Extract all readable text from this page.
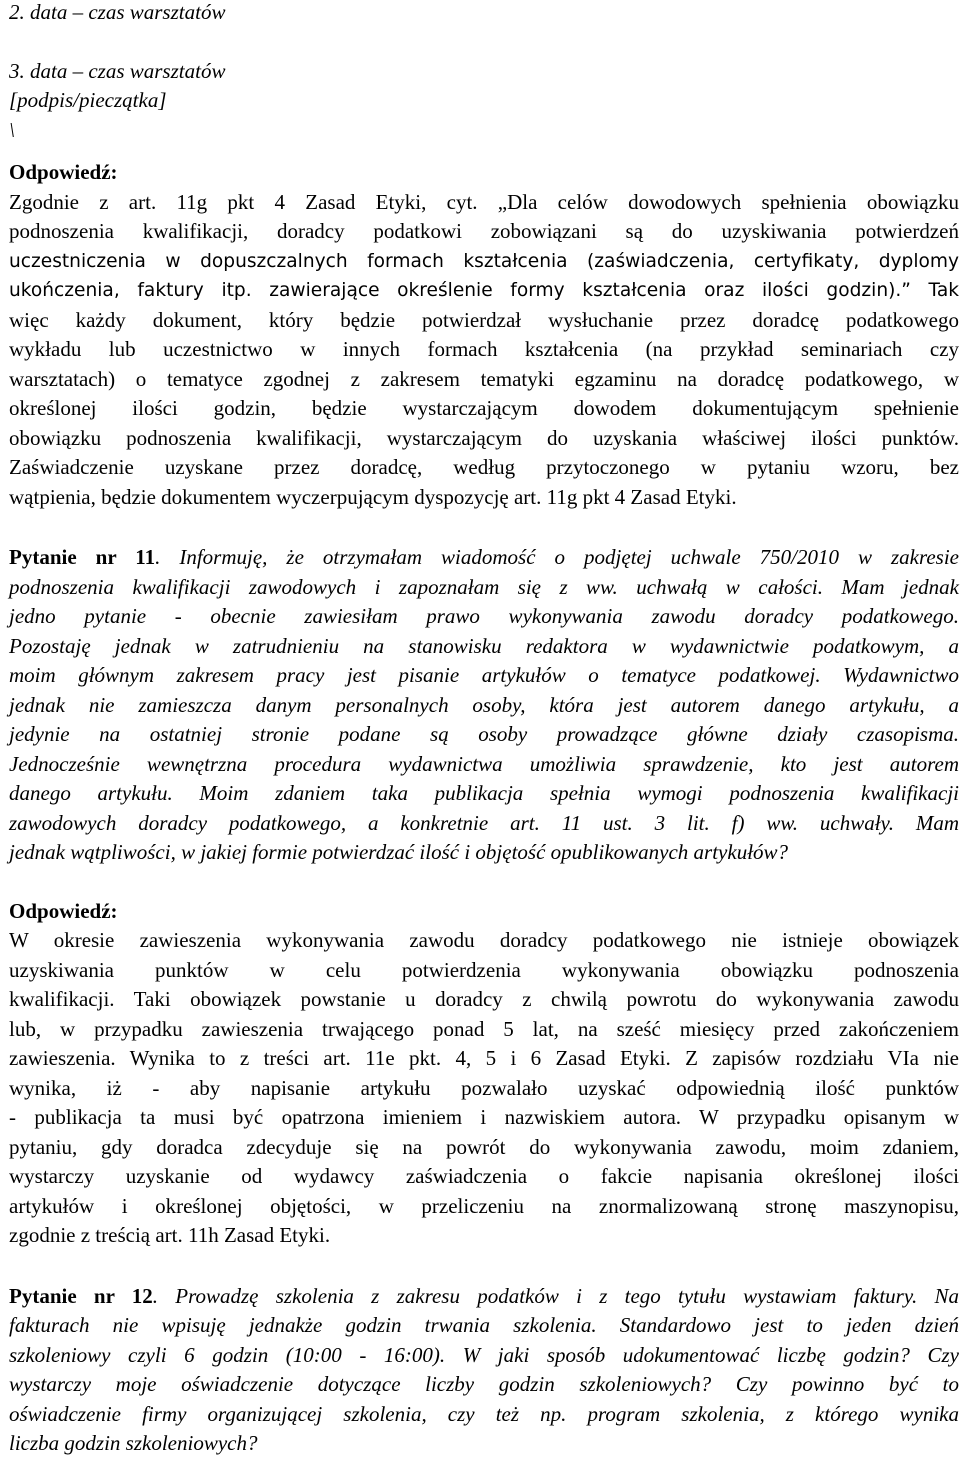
2. data – czas warsztatów
3. data – czas warsztatów
[podpis/pieczątka]
\
Odpowiedź:
Zgodnie z art. 11g pkt 4 Zasad Etyki, cyt. „Dla celów dowodowych spełnienia obowiązku
podnoszenia kwalifikacji, doradcy podatkowi zobowiązani są do uzyskiwania potwierdzeń
uczestniczenia w dopuszczalnych formach kształcenia (zaświadczenia, certyfikaty, dyplomy
ukończenia, faktury itp. zawierające określenie formy kształcenia oraz ilości godzin).” Tak
więc każdy dokument, który będzie potwierdzał wysłuchanie przez doradcę podatkowego
wykładu lub uczestnictwo w innych formach kształcenia (na przykład seminariach czy
warsztatach) o tematyce zgodnej z zakresem tematyki egzaminu na doradcę podatkowego, w
określonej ilości godzin, będzie wystarczającym dowodem dokumentującym spełnienie
obowiązku podnoszenia kwalifikacji, wystarczającym do uzyskania właściwej ilości punktów.
Zaświadczenie uzyskane przez doradcę, według przytoczonego w pytaniu wzoru, bez
wątpienia, będzie dokumentem wyczerpującym dyspozycję art. 11g pkt 4 Zasad Etyki.
Pytanie nr 11. Informuję, że otrzymałam wiadomość o podjętej uchwale 750/2010 w zakresie
podnoszenia kwalifikacji zawodowych i zapoznałam się z ww. uchwałą w całości. Mam jednak
jedno pytanie - obecnie zawiesiłam prawo wykonywania zawodu doradcy podatkowego.
Pozostaję jednak w zatrudnieniu na stanowisku redaktora w wydawnictwie podatkowym, a
moim głównym zakresem pracy jest pisanie artykułów o tematyce podatkowej. Wydawnictwo
jednak nie zamieszcza danym personalnych osoby, która jest autorem danego artykułu, a
jedynie na ostatniej stronie podane są osoby prowadzące główne działy czasopisma.
Jednocześnie wewnętrzna procedura wydawnictwa umożliwia sprawdzenie, kto jest autorem
danego artykułu. Moim zdaniem taka publikacja spełnia wymogi podnoszenia kwalifikacji
zawodowych doradcy podatkowego, a konkretnie art. 11 ust. 3 lit. f) ww. uchwały. Mam
jednak wątpliwości, w jakiej formie potwierdzać ilość i objętość opublikowanych artykułów?
Odpowiedź:
W okresie zawieszenia wykonywania zawodu doradcy podatkowego nie istnieje obowiązek
uzyskiwania punktów w celu potwierdzenia wykonywania obowiązku podnoszenia
kwalifikacji. Taki obowiązek powstanie u doradcy z chwilą powrotu do wykonywania zawodu
lub, w przypadku zawieszenia trwającego ponad 5 lat, na sześć miesięcy przed zakończeniem
zawieszenia. Wynika to z treści art. 11e pkt. 4, 5 i 6 Zasad Etyki. Z zapisów rozdziału VIa nie
wynika, iż - aby napisanie artykułu pozwalało uzyskać odpowiednią ilość punktów
- publikacja ta musi być opatrzona imieniem i nazwiskiem autora. W przypadku opisanym w
pytaniu, gdy doradca zdecyduje się na powrót do wykonywania zawodu, moim zdaniem,
wystarczy uzyskanie od wydawcy zaświadczenia o fakcie napisania określonej ilości
artykułów i określonej objętości, w przeliczeniu na znormalizowaną stronę maszynopisu,
zgodnie z treścią art. 11h Zasad Etyki.
Pytanie nr 12. Prowadzę szkolenia z zakresu podatków i z tego tytułu wystawiam faktury. Na
fakturach nie wpisuję jednakże godzin trwania szkolenia. Standardowo jest to jeden dzień
szkoleniowy czyli 6 godzin (10:00 - 16:00). W jaki sposób udokumentować liczbę godzin? Czy
wystarczy moje oświadczenie dotyczące liczby godzin szkoleniowych? Czy powinno być to
oświadczenie firmy organizującej szkolenia, czy też np. program szkolenia, z którego wynika
liczba godzin szkoleniowych?
